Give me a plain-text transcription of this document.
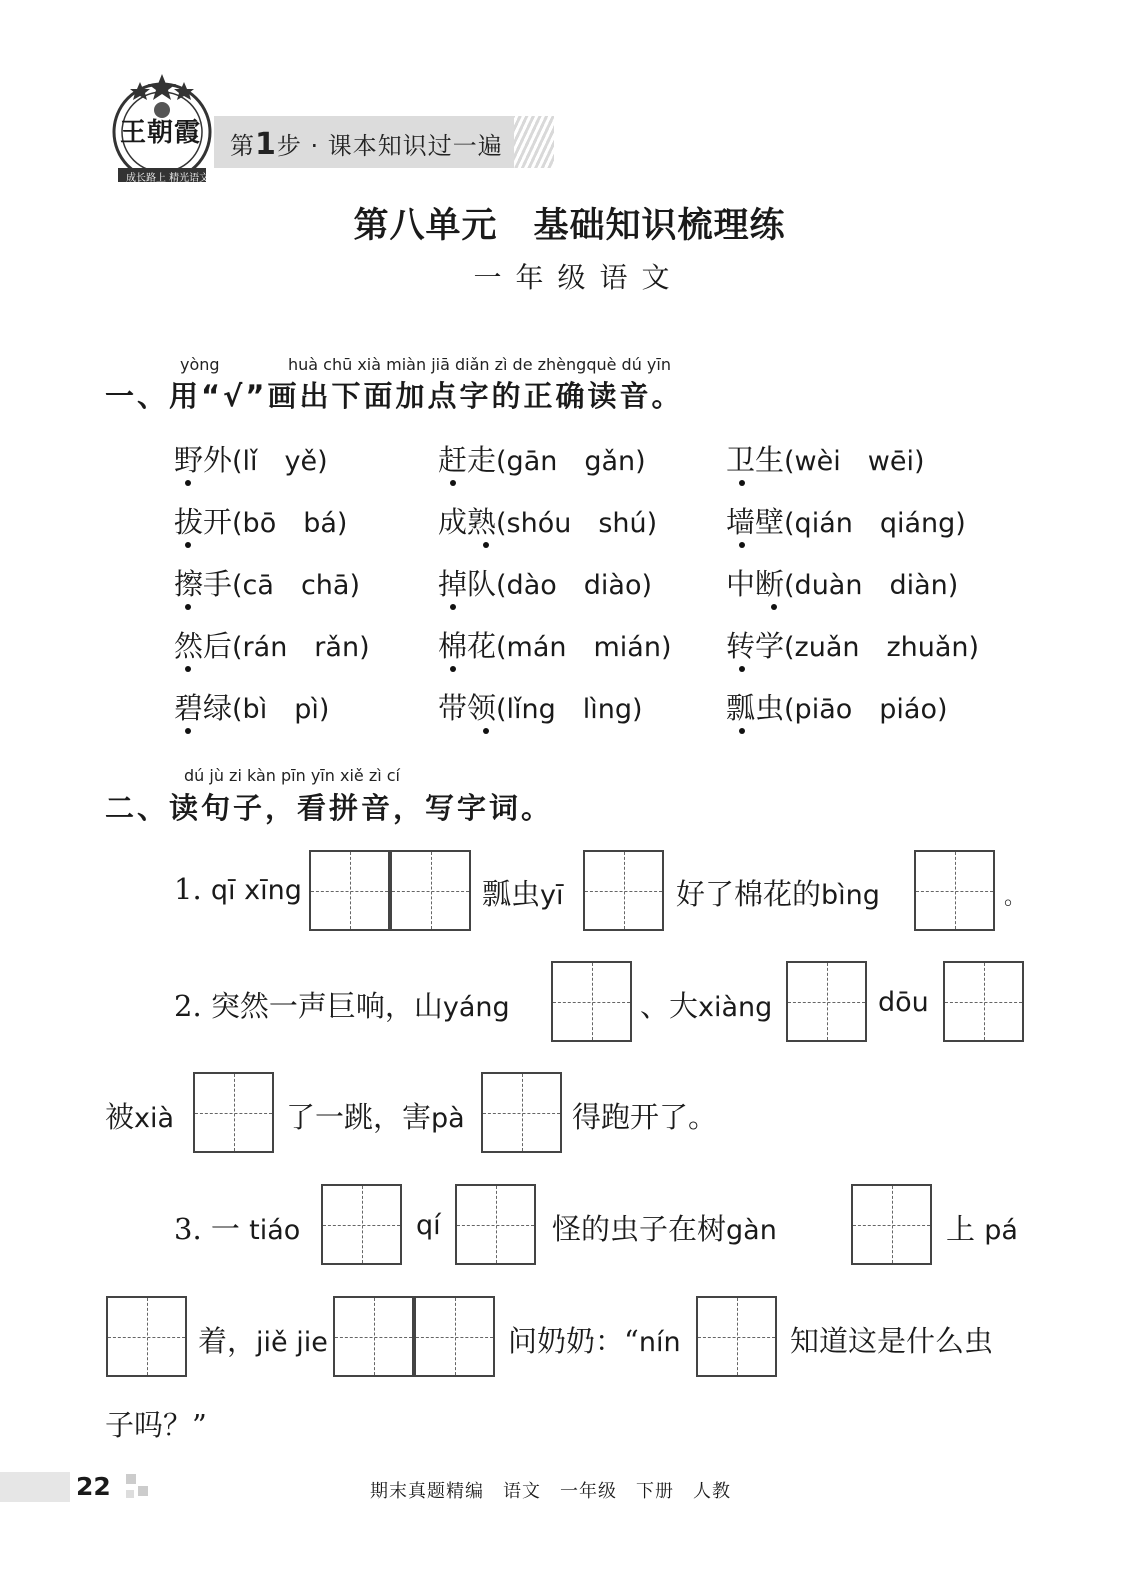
王朝霞
成长路上 精光语文
第1步 · 课本知识过一遍
第八单元　基础知识梳理练
一年级语文
yòng	huà chū xià miàn jiā diǎn zì de zhèngquè dú yīn
一、用“√”画出下面加点字的正确读音。
野外(lǐ　yě)	赶走(gān　gǎn)	卫生(wèi　wēi)
拔开(bō　bá)	成熟(shóu　shú) 墙壁(qián　qiáng)
擦手(cā　chā)	掉队(dào　diào)	中断(duàn　diàn)
然后(rán　rǎn) 棉花(mán　mián) 转学(zuǎn　zhuǎn)
碧绿(bì　pì)	带领(lǐng　lìng)	瓢虫(piāo　piáo)
dú jù zi kàn pīn yīn xiě zì cí
二、读句子，看拼音，写字词。
1. qī xīng	瓢虫yī	好了棉花的bìng	。
2. 突然一声巨响，山yáng	、大xiàng	dōu
被xià	了一跳，害pà	得跑开了。
3. 一 tiáo	qí	怪的虫子在树gàn	上 pá
着，jiě jie	问奶奶：“nín	知道这是什么虫
子吗？”
22	期末真题精编　语文　一年级　下册　人教
